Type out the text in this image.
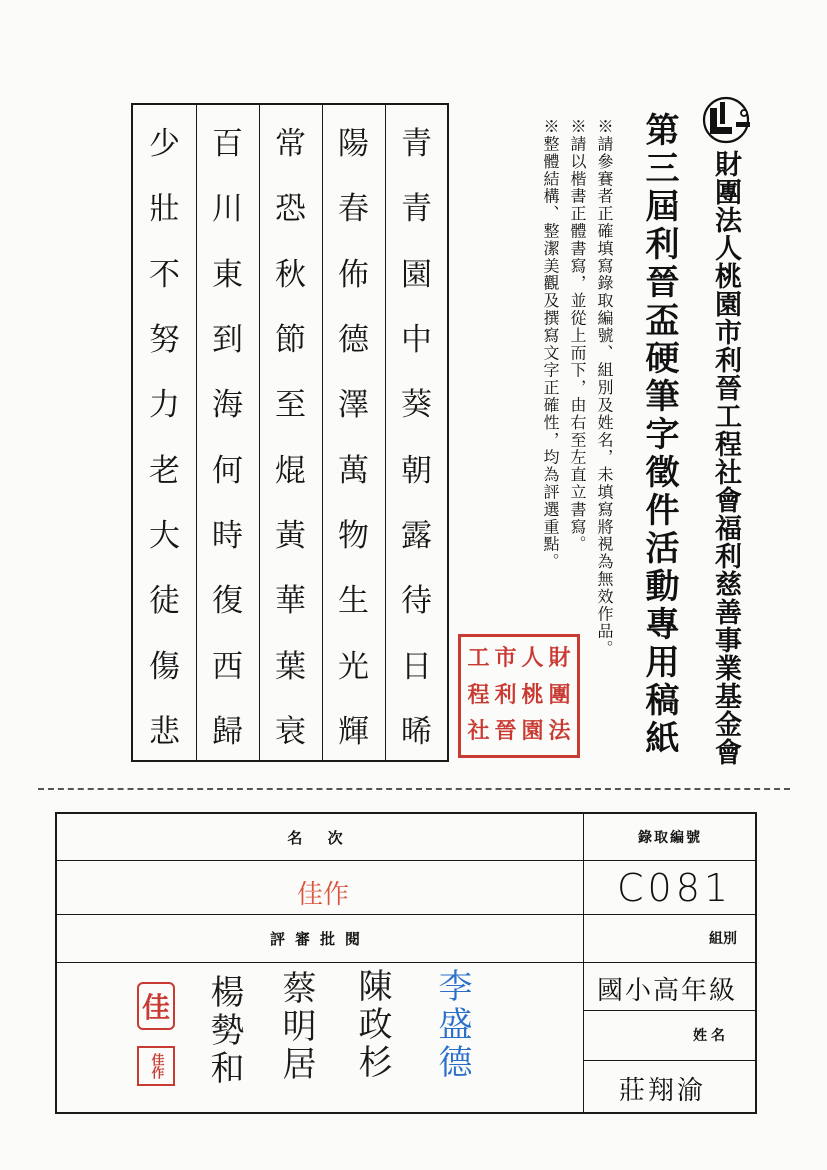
財團法人桃園市利晉工程社會福利慈善事業基金會
第三屆利晉盃硬筆字徵件活動專用稿紙
※請參賽者正確填寫錄取編號、組別及姓名，未填寫將視為無效作品。
※請以楷書正體書寫，並從上而下，由右至左直立書寫。
※整體結構、整潔美觀及撰寫文字正確性，均為評選重點。
財
團
法
人
桃
園
市
利
晉
工
程
社
青
青
園
中
葵
朝
露
待
日
晞
陽
春
佈
德
澤
萬
物
生
光
輝
常
恐
秋
節
至
焜
黃
華
葉
衰
百
川
東
到
海
何
時
復
西
歸
少
壯
不
努
力
老
大
徒
傷
悲
名 次
佳作
評審批閱
錄取編號
C081
組別
國小高年級
姓名
莊翔渝
佳
佳作	楊勢和 蔡明居 陳政杉 李盛德
